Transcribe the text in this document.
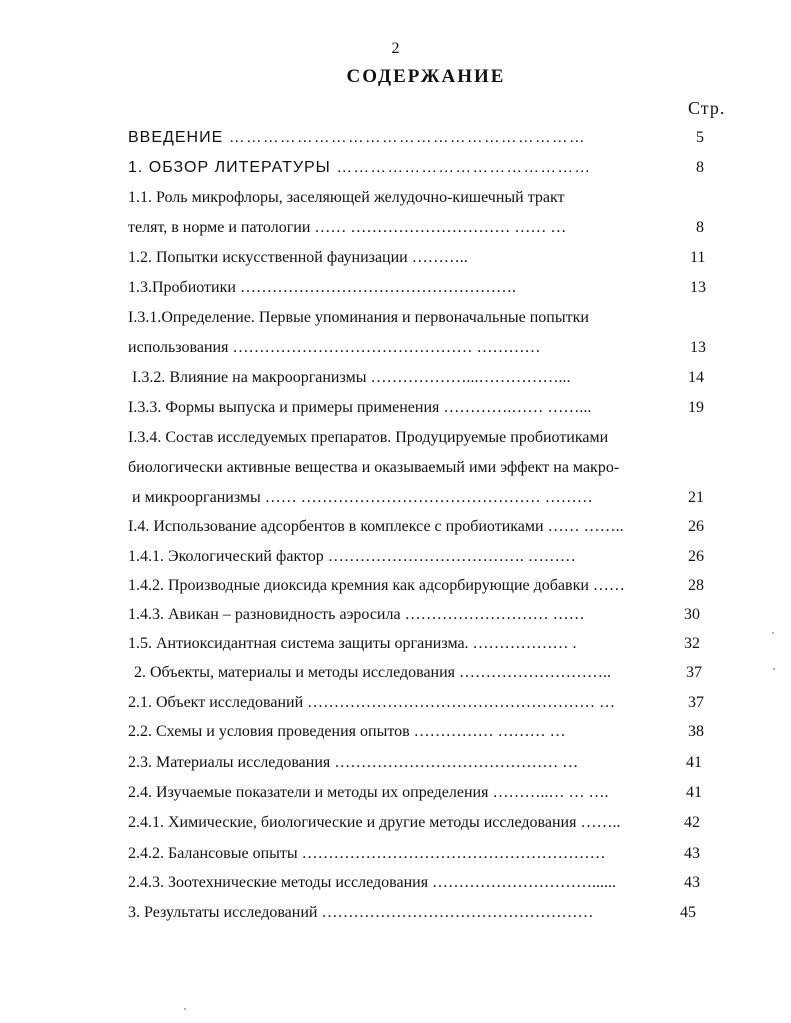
2
СОДЕРЖАНИЕ
Стр.
ВВЕДЕНИЕ ………………………………………………………	5
1. ОБЗОР ЛИТЕРАТУРЫ ………………………………………	8
1.1. Роль микрофлоры, заселяющей желудочно-кишечный тракт
телят, в норме и патологии …… ………………………… …… …	8
1.2. Попытки искусственной фаунизации ………..	11
1.3.Пробиотики …………………………………………….	13
I.3.1.Определение. Первые упоминания и первоначальные попытки
использования ……………………………………… …………	13
I.3.2. Влияние на макроорганизмы ………………...……………...	14
I.3.3. Формы выпуска и примеры применения ………….…… ……...	19
I.3.4. Состав исследуемых препаратов. Продуцируемые пробиотиками
биологически активные вещества и оказываемый ими эффект на макро-
и микроорганизмы …… ……………………………………… ………	21
I.4. Использование адсорбентов в комплексе с пробиотиками …… ……..	26
1.4.1. Экологический фактор ………………………………. ………	26
1.4.2. Производные диоксида кремния как адсорбирующие добавки ……	28
1.4.3. Авикан – разновидность аэросила ……………………… ……	30
1.5. Антиоксидантная система защиты организма. ……………… .	32
2. Объекты, материалы и методы исследования ………………………..	37
2.1. Объект исследований ……………………………………………… …	37
2.2. Схемы и условия проведения опытов …………… ……… …	38
2.3. Материалы исследования …………………………………… …	41
2.4. Изучаемые показатели и методы их определения ………..… … ….	41
2.4.1. Химические, биологические и другие методы исследования ……..	42
2.4.2. Балансовые опыты …………………………………………………	43
2.4.3. Зоотехнические методы исследования …………………………......	43
3. Результаты исследований ……………………………………………	45
